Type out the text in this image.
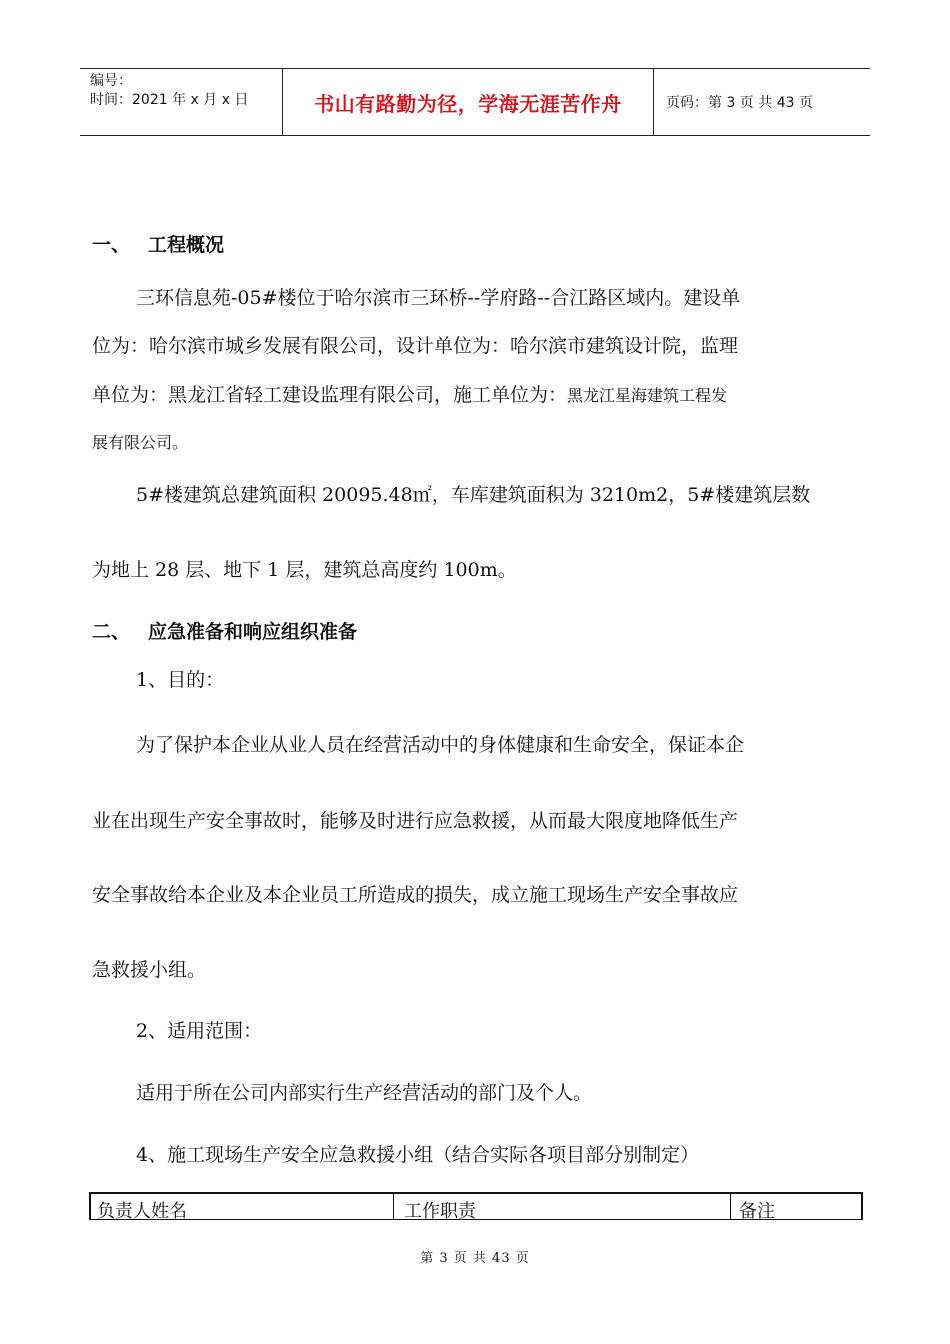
编号：
时间：2021 年 x 月 x 日	书山有路勤为径，学海无涯苦作舟	页码：第 3 页 共 43 页
一、 工程概况
三环信息苑-05#楼位于哈尔滨市三环桥--学府路--合江路区域内。建设单
位为：哈尔滨市城乡发展有限公司，设计单位为：哈尔滨市建筑设计院，监理
单位为：黑龙江省轻工建设监理有限公司，施工单位为：黑龙江星海建筑工程发
展有限公司。
5#楼建筑总建筑面积 20095.48㎡，车库建筑面积为 3210m2，5#楼建筑层数
为地上 28 层、地下 1 层，建筑总高度约 100m。
二、 应急准备和响应组织准备
1、目的：
为了保护本企业从业人员在经营活动中的身体健康和生命安全，保证本企
业在出现生产安全事故时，能够及时进行应急救援，从而最大限度地降低生产
安全事故给本企业及本企业员工所造成的损失，成立施工现场生产安全事故应
急救援小组。
2、适用范围：
适用于所在公司内部实行生产经营活动的部门及个人。
4、施工现场生产安全应急救援小组（结合实际各项目部分别制定）
负责人姓名	工作职责	备注
第 3 页 共 43 页
